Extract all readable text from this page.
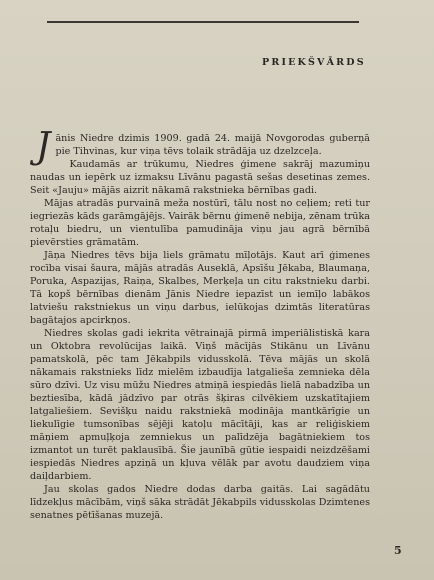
PRIEKŠVĀRDS

Jānis Niedre dzimis 1909. gadā 24. maijā Novgorodas guberņā pie Tihvinas, kur viņa tēvs tolaik strādāja uz dzelzceļa.

Kaudamās ar trūkumu, Niedres ģimene sakrāj mazumiņu naudas un iepērk uz izmaksu Līvānu pagastā sešas desetinas zemes. Seit «Jauju» mājās aizrit nākamā rakstnieka bērnības gadi.

Mājas atradās purvainā meža nostūrī, tālu nost no ceļiem; reti tur iegriezās kāds garāmgājējs. Vairāk bērnu ģimenē nebija, zēnam trūka rotaļu biedru, un vientulība pamudināja viņu jau agrā bērnībā pievērsties grāmatām.

Jāņa Niedres tēvs bija liels grāmatu mīļotājs. Kaut arī ģimenes rocība visai šaura, mājās atradās Auseklā, Apsīšu Jēkaba, Blaumaņa, Poruka, Aspazijas, Raiņa, Skalbes, Merķeļa un citu rakstnieku darbi. Tā kopš bērnības dienām Jānis Niedre iepazīst un iemīļo labākos latviešu rakstniekus un viņu darbus, ielūkojas dzimtās literatūras bagātajos apcirkņos.

Niedres skolas gadi iekrita vētrainajā pirmā imperiālistiskā kara un Oktobra revolūcijas laikā. Viņš mācījās Stikānu un Līvānu pamatskolā, pēc tam Jēkabpils vidusskolā. Tēva mājās un skolā nākamais rakstnieks līdz mielēm izbaudīja latgaliešа zemnieka dēla sūro dzīvi. Uz visu mūžu Niedres atmiņā iespiedās lielā nabadzība un beztiesība, kādā jādzīvo par otrās šķiras cilvēkiem uzskatītajiem latgaliešiem. Sevišķu naidu rakstniekā modināja mantkārīgie un liekulīgie tumsonības sējēji katoļu mācītāji, kas ar reliģiskiem māņiem apmuļķoja zemniekus un palīdzēja bagātniekiem tos izmantot un turēt paklausībā. Šie jaunībā gūtie iespaidi neizdzēšami iespiedās Niedres apziņā un kļuva vēlāk par avotu daudziem viņa daiļdarbiem.

Jau skolas gados Niedre dodas darba gaitās. Lai sagādātu līdzekļus mācībām, viņš sāka strādāt Jēkabpils vidusskolas Dzimtenes senatnes pētīšanas muzejā.

5
